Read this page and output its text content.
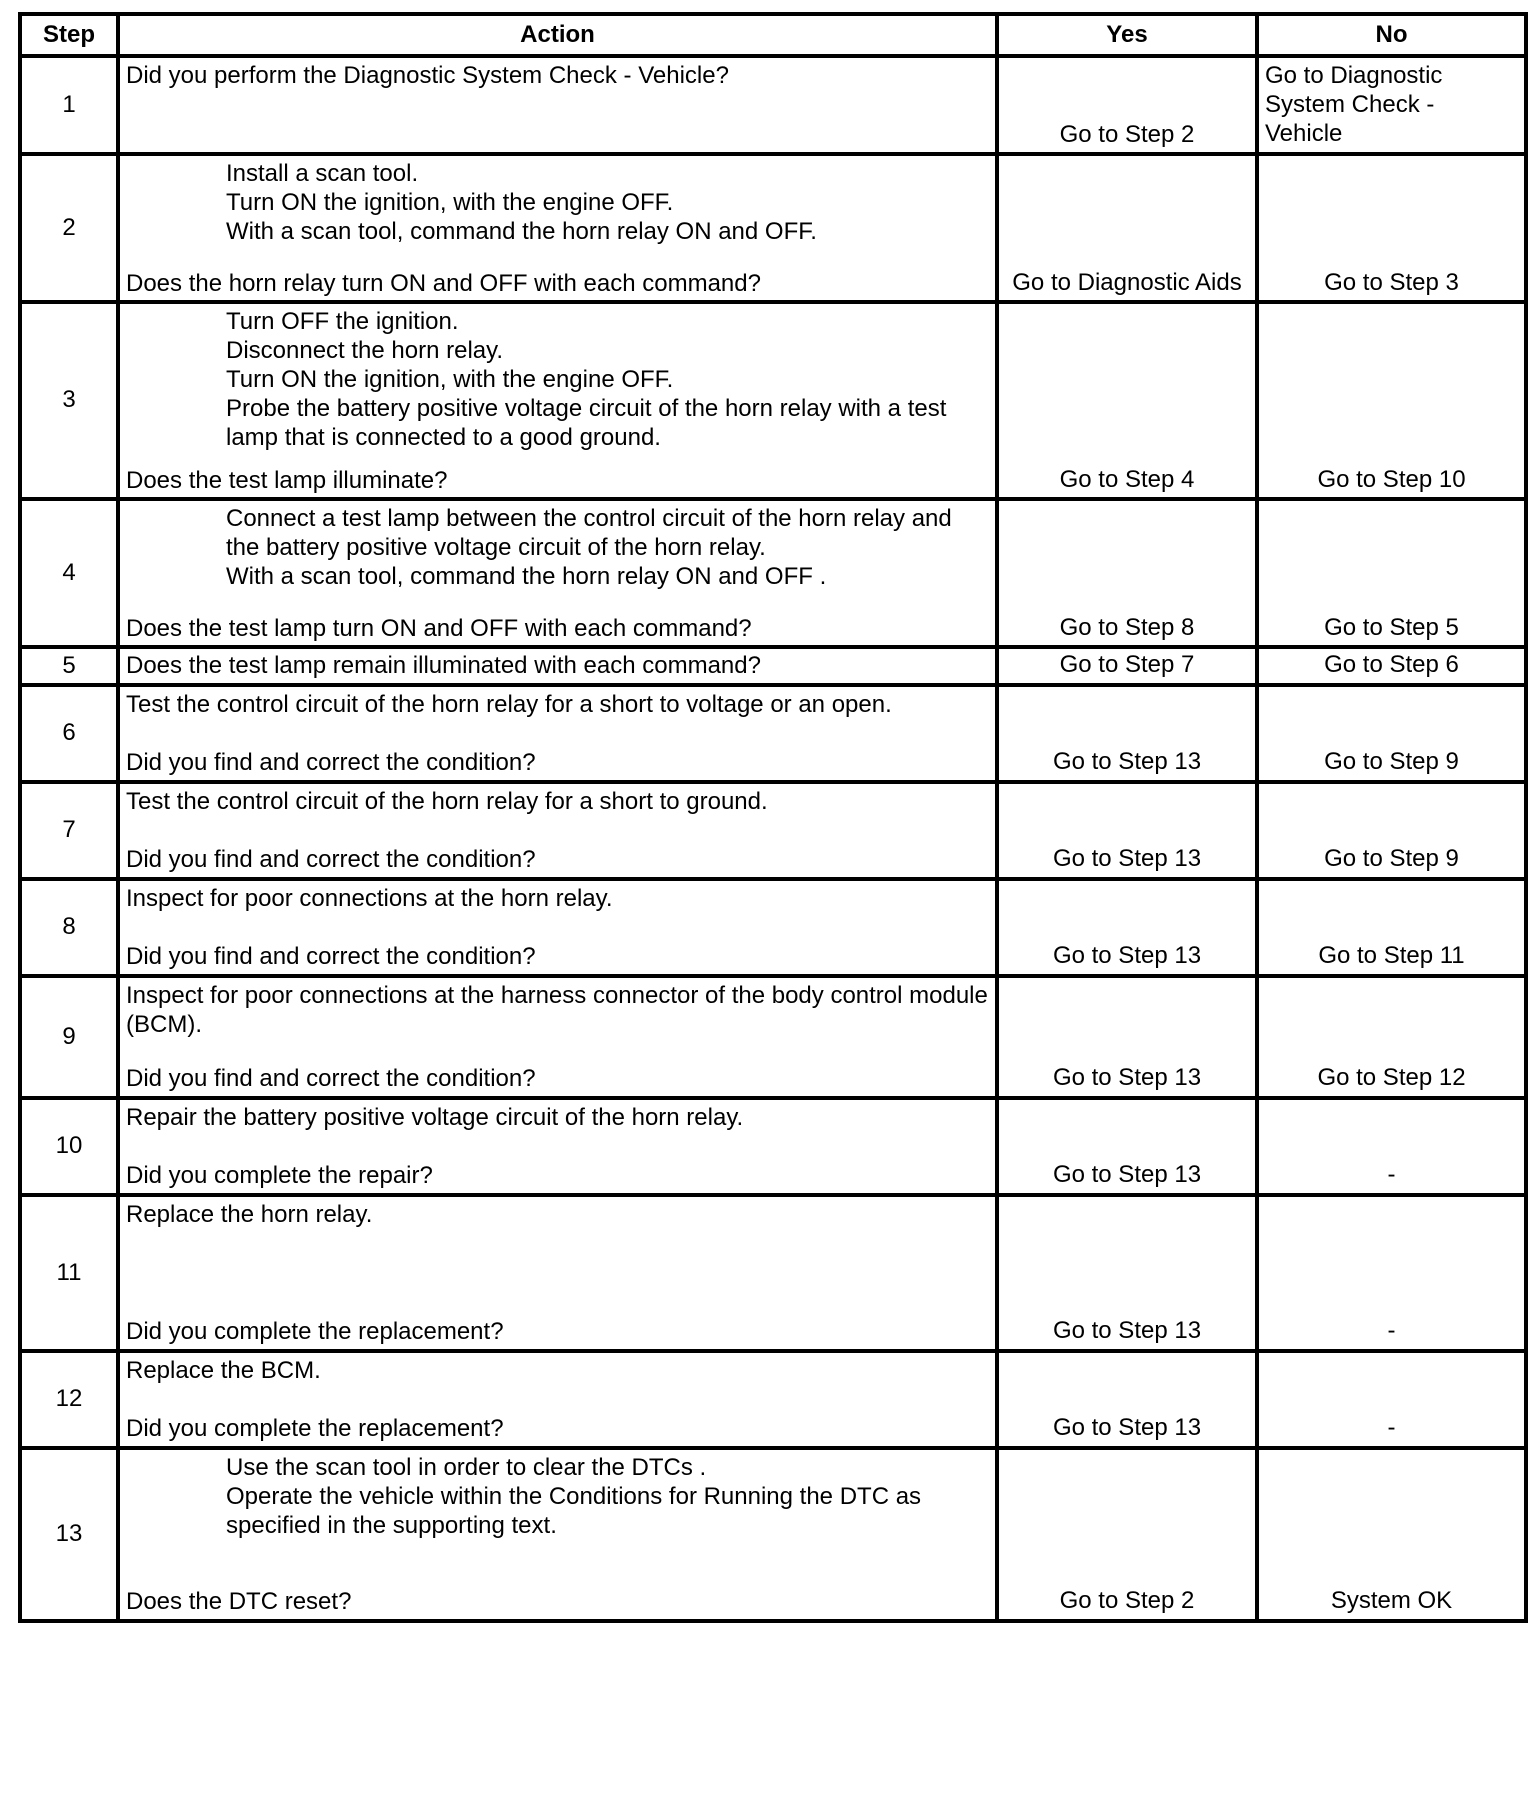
Step	Action	Yes	No
1	Did you perform the Diagnostic System Check - Vehicle?	Go to Step 2	Go to Diagnostic System Check - Vehicle
2	Install a scan tool.
Turn ON the ignition, with the engine OFF.
With a scan tool, command the horn relay ON and OFF.
Does the horn relay turn ON and OFF with each command?	Go to Diagnostic Aids	Go to Step 3
3	Turn OFF the ignition.
Disconnect the horn relay.
Turn ON the ignition, with the engine OFF.
Probe the battery positive voltage circuit of the horn relay with a test lamp that is connected to a good ground.
Does the test lamp illuminate?	Go to Step 4	Go to Step 10
4	Connect a test lamp between the control circuit of the horn relay and the battery positive voltage circuit of the horn relay.
With a scan tool, command the horn relay ON and OFF .
Does the test lamp turn ON and OFF with each command?	Go to Step 8	Go to Step 5
5	Does the test lamp remain illuminated with each command?	Go to Step 7	Go to Step 6
6	Test the control circuit of the horn relay for a short to voltage or an open.
Did you find and correct the condition?	Go to Step 13	Go to Step 9
7	Test the control circuit of the horn relay for a short to ground.
Did you find and correct the condition?	Go to Step 13	Go to Step 9
8	Inspect for poor connections at the horn relay.
Did you find and correct the condition?	Go to Step 13	Go to Step 11
9	Inspect for poor connections at the harness connector of the body control module (BCM).
Did you find and correct the condition?	Go to Step 13	Go to Step 12
10	Repair the battery positive voltage circuit of the horn relay.
Did you complete the repair?	Go to Step 13	-
11	Replace the horn relay.
Did you complete the replacement?	Go to Step 13	-
12	Replace the BCM.
Did you complete the replacement?	Go to Step 13	-
13	Use the scan tool in order to clear the DTCs .
Operate the vehicle within the Conditions for Running the DTC as specified in the supporting text.
Does the DTC reset?	Go to Step 2	System OK
